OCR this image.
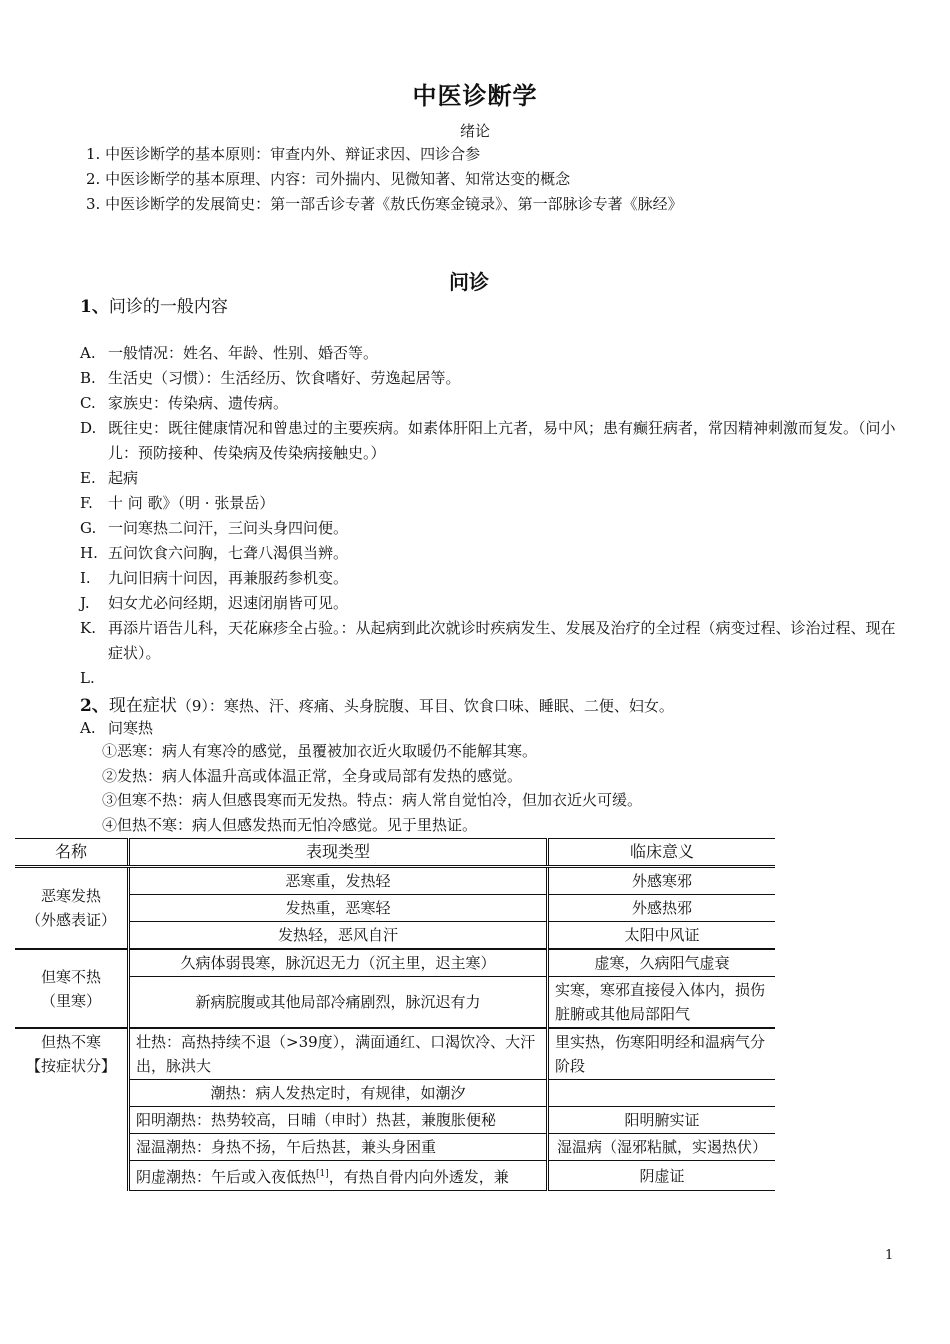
中医诊断学
绪论
1. 中医诊断学的基本原则：审查内外、辩证求因、四诊合参
2. 中医诊断学的基本原理、内容：司外揣内、见微知著、知常达变的概念
3. 中医诊断学的发展简史：第一部舌诊专著《敖氏伤寒金镜录》、第一部脉诊专著《脉经》
问诊
1、问诊的一般内容
A. 一般情况：姓名、年龄、性别、婚否等。
B. 生活史（习惯）：生活经历、饮食嗜好、劳逸起居等。
C. 家族史：传染病、遗传病。
D. 既往史：既往健康情况和曾患过的主要疾病。如素体肝阳上亢者，易中风；患有癫狂病者，常因精神刺激而复发。（问小儿：预防接种、传染病及传染病接触史。）
E. 起病
F.	十 问 歌》（明 · 张景岳）
G. 一问寒热二问汗，三问头身四问便。
H. 五问饮食六问胸，七聋八渴俱当辨。
I.	九问旧病十问因，再兼服药参机变。
J.	妇女尤必问经期，迟速闭崩皆可见。
K. 再添片语告儿科，天花麻疹全占验。：从起病到此次就诊时疾病发生、发展及治疗的全过程（病变过程、诊治过程、现在症状）。
L.
2、现在症状（9）：寒热、汗、疼痛、头身脘腹、耳目、饮食口味、睡眠、二便、妇女。
A. 问寒热
①恶寒：病人有寒冷的感觉，虽覆被加衣近火取暖仍不能解其寒。
②发热：病人体温升高或体温正常，全身或局部有发热的感觉。
③但寒不热：病人但感畏寒而无发热。特点：病人常自觉怕冷，但加衣近火可缓。
④但热不寒：病人但感发热而无怕冷感觉。见于里热证。
名称	表现类型	临床意义

恶寒发热
（外感表证）	恶寒重，发热轻	外感寒邪
	发热重，恶寒轻	外感热邪
	发热轻，恶风自汗	太阳中风证

但寒不热
（里寒）	久病体弱畏寒，脉沉迟无力（沉主里，迟主寒）	虚寒，久病阳气虚衰
	新病脘腹或其他局部冷痛剧烈，脉沉迟有力	实寒，寒邪直接侵入体内，损伤脏腑或其他局部阳气

但热不寒
【按症状分】	壮热：高热持续不退（>39度），满面通红、口渴饮冷、大汗出，脉洪大	里实热，伤寒阳明经和温病气分阶段
	潮热：病人发热定时，有规律，如潮汐	
	阳明潮热：热势较高，日晡（申时）热甚，兼腹胀便秘	阳明腑实证
	湿温潮热：身热不扬，午后热甚，兼头身困重	湿温病（湿邪粘腻，实遏热伏）
	阴虚潮热：午后或入夜低热[1]，有热自骨内向外透发，兼	阴虚证
1
